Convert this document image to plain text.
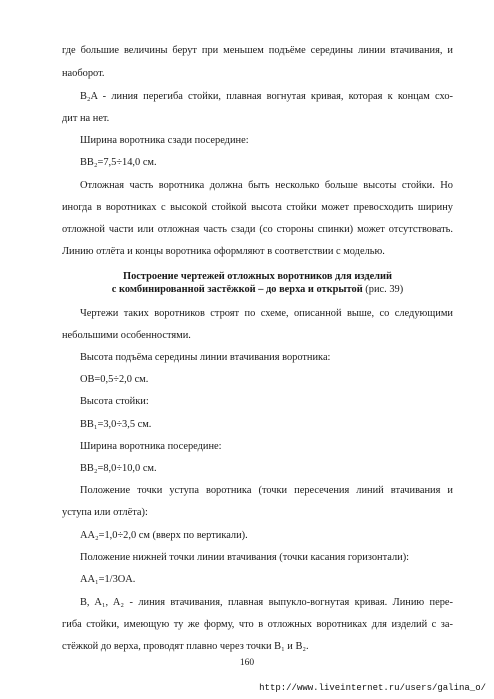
где большие величины берут при меньшем подъёме середины линии втачивания, и
наоборот.
B₂A - линия перегиба стойки, плавная вогнутая кривая, которая к концам схо-
дит на нет.
Ширина воротника сзади посередине:
BB₂=7,5÷14,0 см.
Отложная часть воротника должна быть несколько больше высоты стойки. Но
иногда в воротниках с высокой стойкой высота стойки может превосходить ширину
отложной части или отложная часть сзади (со стороны спинки) может отсутствовать.
Линию отлёта и концы воротника оформляют в соответствии с моделью.
Построение чертежей отложных воротников для изделий
с комбинированной застёжкой – до верха и открытой (рис. 39)
Чертежи таких воротников строят по схеме, описанной выше, со следующими
небольшими особенностями.
Высота подъёма середины линии втачивания воротника:
OB=0,5÷2,0 см.
Высота стойки:
BB₁=3,0÷3,5 см.
Ширина воротника посередине:
BB₂=8,0÷10,0 см.
Положение точки уступа воротника (точки пересечения линий втачивания и
уступа или отлёта):
AA₂=1,0÷2,0 см (вверх по вертикали).
Положение нижней точки линии втачивания (точки касания горизонтали):
AA₁=1/3OA.
B, A₁, A₂ - линия втачивания, плавная выпукло-вогнутая кривая. Линию пере-
гиба стойки, имеющую ту же форму, что в отложных воротниках для изделий с за-
стёжкой до верха, проводят плавно через точки B₁ и B₂.
160
http://www.liveinternet.ru/users/galina_o/
